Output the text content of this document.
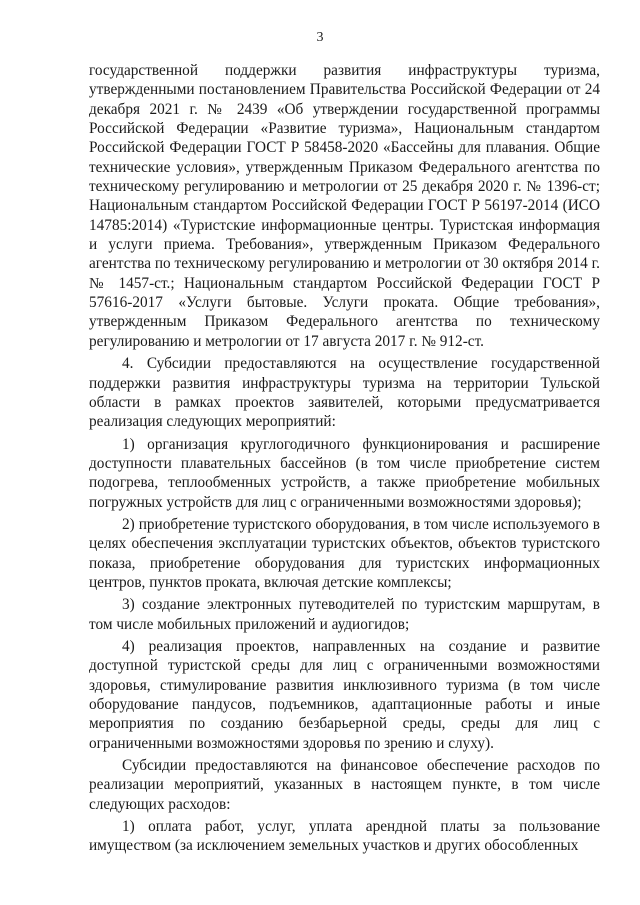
3

государственной поддержки развития инфраструктуры туризма, утвержденными постановлением Правительства Российской Федерации от 24 декабря 2021 г. № 2439 «Об утверждении государственной программы Российской Федерации «Развитие туризма», Национальным стандартом Российской Федерации ГОСТ Р 58458-2020 «Бассейны для плавания. Общие технические условия», утвержденным Приказом Федерального агентства по техническому регулированию и метрологии от 25 декабря 2020 г. № 1396-ст; Национальным стандартом Российской Федерации ГОСТ Р 56197-2014 (ИСО 14785:2014) «Туристские информационные центры. Туристская информация и услуги приема. Требования», утвержденным Приказом Федерального агентства по техническому регулированию и метрологии от 30 октября 2014 г. № 1457-ст.; Национальным стандартом Российской Федерации ГОСТ Р 57616-2017 «Услуги бытовые. Услуги проката. Общие требования», утвержденным Приказом Федерального агентства по техническому регулированию и метрологии от 17 августа 2017 г. № 912-ст.

4. Субсидии предоставляются на осуществление государственной поддержки развития инфраструктуры туризма на территории Тульской области в рамках проектов заявителей, которыми предусматривается реализация следующих мероприятий:

1) организация круглогодичного функционирования и расширение доступности плавательных бассейнов (в том числе приобретение систем подогрева, теплообменных устройств, а также приобретение мобильных погружных устройств для лиц с ограниченными возможностями здоровья);

2) приобретение туристского оборудования, в том числе используемого в целях обеспечения эксплуатации туристских объектов, объектов туристского показа, приобретение оборудования для туристских информационных центров, пунктов проката, включая детские комплексы;

3) создание электронных путеводителей по туристским маршрутам, в том числе мобильных приложений и аудиогидов;

4) реализация проектов, направленных на создание и развитие доступной туристской среды для лиц с ограниченными возможностями здоровья, стимулирование развития инклюзивного туризма (в том числе оборудование пандусов, подъемников, адаптационные работы и иные мероприятия по созданию безбарьерной среды, среды для лиц с ограниченными возможностями здоровья по зрению и слуху).

Субсидии предоставляются на финансовое обеспечение расходов по реализации мероприятий, указанных в настоящем пункте, в том числе следующих расходов:

1) оплата работ, услуг, уплата арендной платы за пользование имуществом (за исключением земельных участков и других обособленных
